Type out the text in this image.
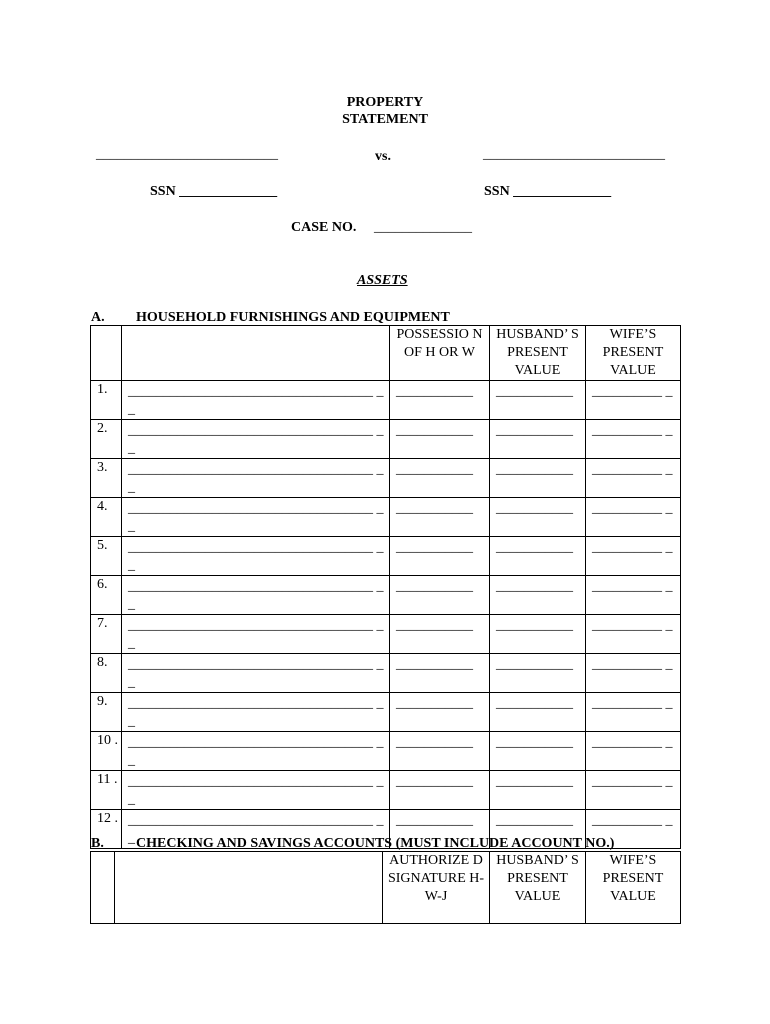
PROPERTY
STATEMENT
__________________________	vs.	__________________________
SSN ______________	SSN ______________
CASE NO. ______________
ASSETS
A. HOUSEHOLD FURNISHINGS AND EQUIPMENT
		POSSESSIO N OF H OR W	HUSBAND’ S PRESENT VALUE	WIFE’S PRESENT VALUE
1.	___________________________________ __	___________	___________	__________ _
2.	___________________________________ __	___________	___________	__________ _
3.	___________________________________ __	___________	___________	__________ _
4.	___________________________________ __	___________	___________	__________ _
5.	___________________________________ __	___________	___________	__________ _
6.	___________________________________ __	___________	___________	__________ _
7.	___________________________________ __	___________	___________	__________ _
8.	___________________________________ __	___________	___________	__________ _
9.	___________________________________ __	___________	___________	__________ _
10 .	___________________________________ __	___________	___________	__________ _
11 .	___________________________________ __	___________	___________	__________ _
12 .	___________________________________ __	___________	___________	__________ _
B. CHECKING AND SAVINGS ACCOUNTS (MUST INCLUDE ACCOUNT NO.)
		AUTHORIZE D SIGNATURE H-W-J	HUSBAND’ S PRESENT VALUE	WIFE’S PRESENT VALUE
